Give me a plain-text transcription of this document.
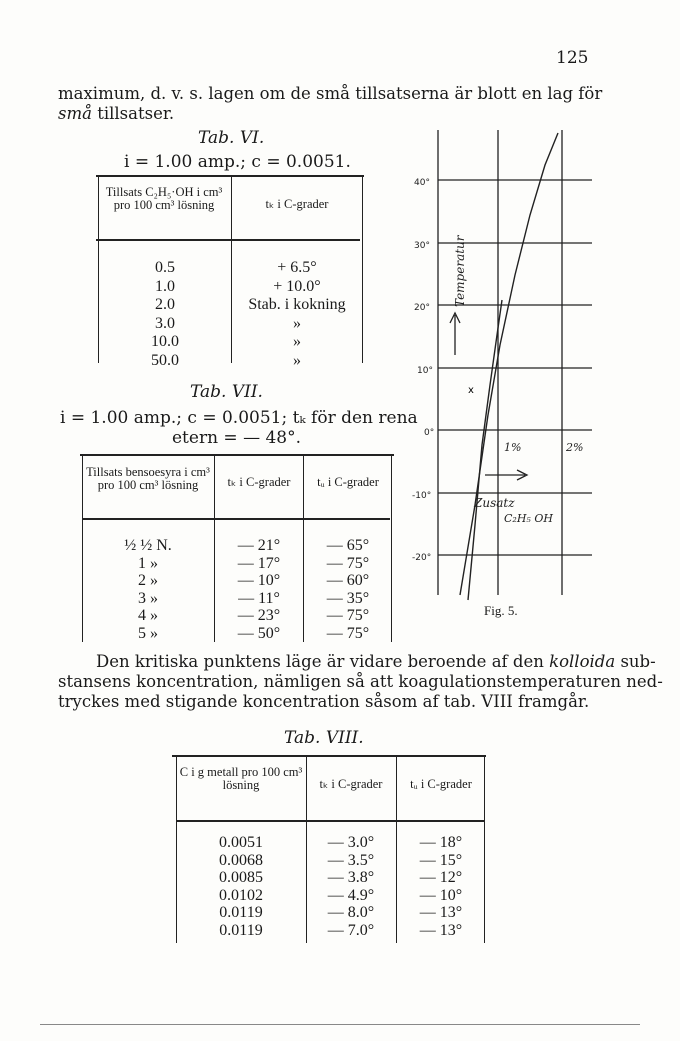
125
maximum, d. v. s. lagen om de små tillsatserna är blott en lag för
små tillsatser.
Tab. VI.
i = 1.00 amp.; c = 0.0051.
Tillsats C₂H₅·OH i cm³ pro 100 cm³ lösning	tₖ i C-grader
0.5	+ 6.5°
1.0	+ 10.0°
2.0	Stab. i kokning
3.0	»
10.0	»
50.0	»
Tab. VII.
i = 1.00 amp.; c = 0.0051; tₖ för den rena
etern = — 48°.
Tillsats bensoesyra i cm³ pro 100 cm³ lösning	tₖ i C-grader	tᵤ i C-grader
½ ½ N.	— 21°	— 65°
1 »	— 17°	— 75°
2 »	— 10°	— 60°
3 »	— 11°	— 35°
4 »	— 23°	— 75°
5 »	— 50°	— 75°
40°
30°
20°
10°
0°
-10°
-20°
x
Temperatur
Zusatz
C₂H₅ OH
1%	2%
Fig. 5.
Den kritiska punktens läge är vidare beroende af den kolloida sub-
stansens koncentration, nämligen så att koagulationstemperaturen ned-
tryckes med stigande koncentration såsom af tab. VIII framgår.
Tab. VIII.
C i g metall pro 100 cm³ lösning	tₖ i C-grader	tᵤ i C-grader
0.0051	— 3.0°	— 18°
0.0068	— 3.5°	— 15°
0.0085	— 3.8°	— 12°
0.0102	— 4.9°	— 10°
0.0119	— 8.0°	— 13°
0.0119	— 7.0°	— 13°
